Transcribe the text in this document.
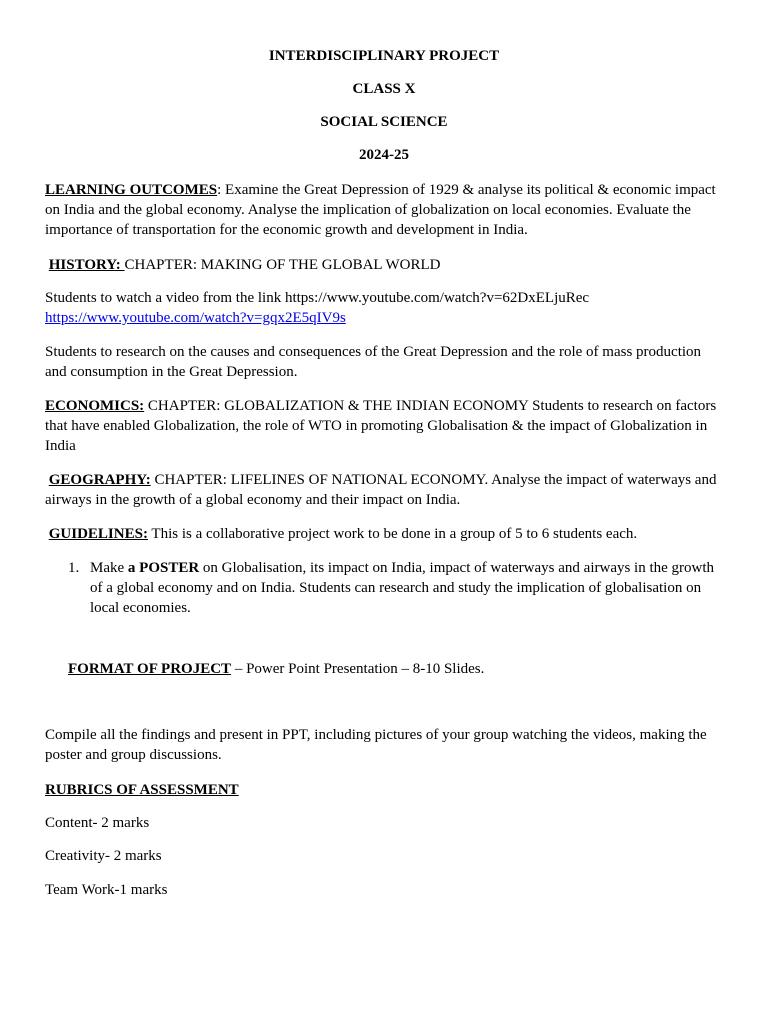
INTERDISCIPLINARY PROJECT
CLASS X
SOCIAL SCIENCE
2024-25
LEARNING OUTCOMES: Examine the Great Depression of 1929 & analyse its political & economic impact on India and the global economy. Analyse the implication of globalization on local economies. Evaluate the importance of transportation for the economic growth and development in India.
HISTORY: CHAPTER: MAKING OF THE GLOBAL WORLD
Students to watch a video from the link https://www.youtube.com/watch?v=62DxELjuRec
https://www.youtube.com/watch?v=gqx2E5qIV9s
Students to research on the causes and consequences of the Great Depression and the role of mass production and consumption in the Great Depression.
ECONOMICS: CHAPTER: GLOBALIZATION & THE INDIAN ECONOMY Students to research on factors that have enabled Globalization, the role of WTO in promoting Globalisation & the impact of Globalization in India
GEOGRAPHY: CHAPTER: LIFELINES OF NATIONAL ECONOMY. Analyse the impact of waterways and airways in the growth of a global economy and their impact on India.
GUIDELINES: This is a collaborative project work to be done in a group of 5 to 6 students each.
1. Make a POSTER on Globalisation, its impact on India, impact of waterways and airways in the growth of a global economy and on India. Students can research and study the implication of globalisation on local economies.
FORMAT OF PROJECT – Power Point Presentation – 8-10 Slides.
Compile all the findings and present in PPT, including pictures of your group watching the videos, making the poster and group discussions.
RUBRICS OF ASSESSMENT
Content- 2 marks
Creativity- 2 marks
Team Work-1 marks
